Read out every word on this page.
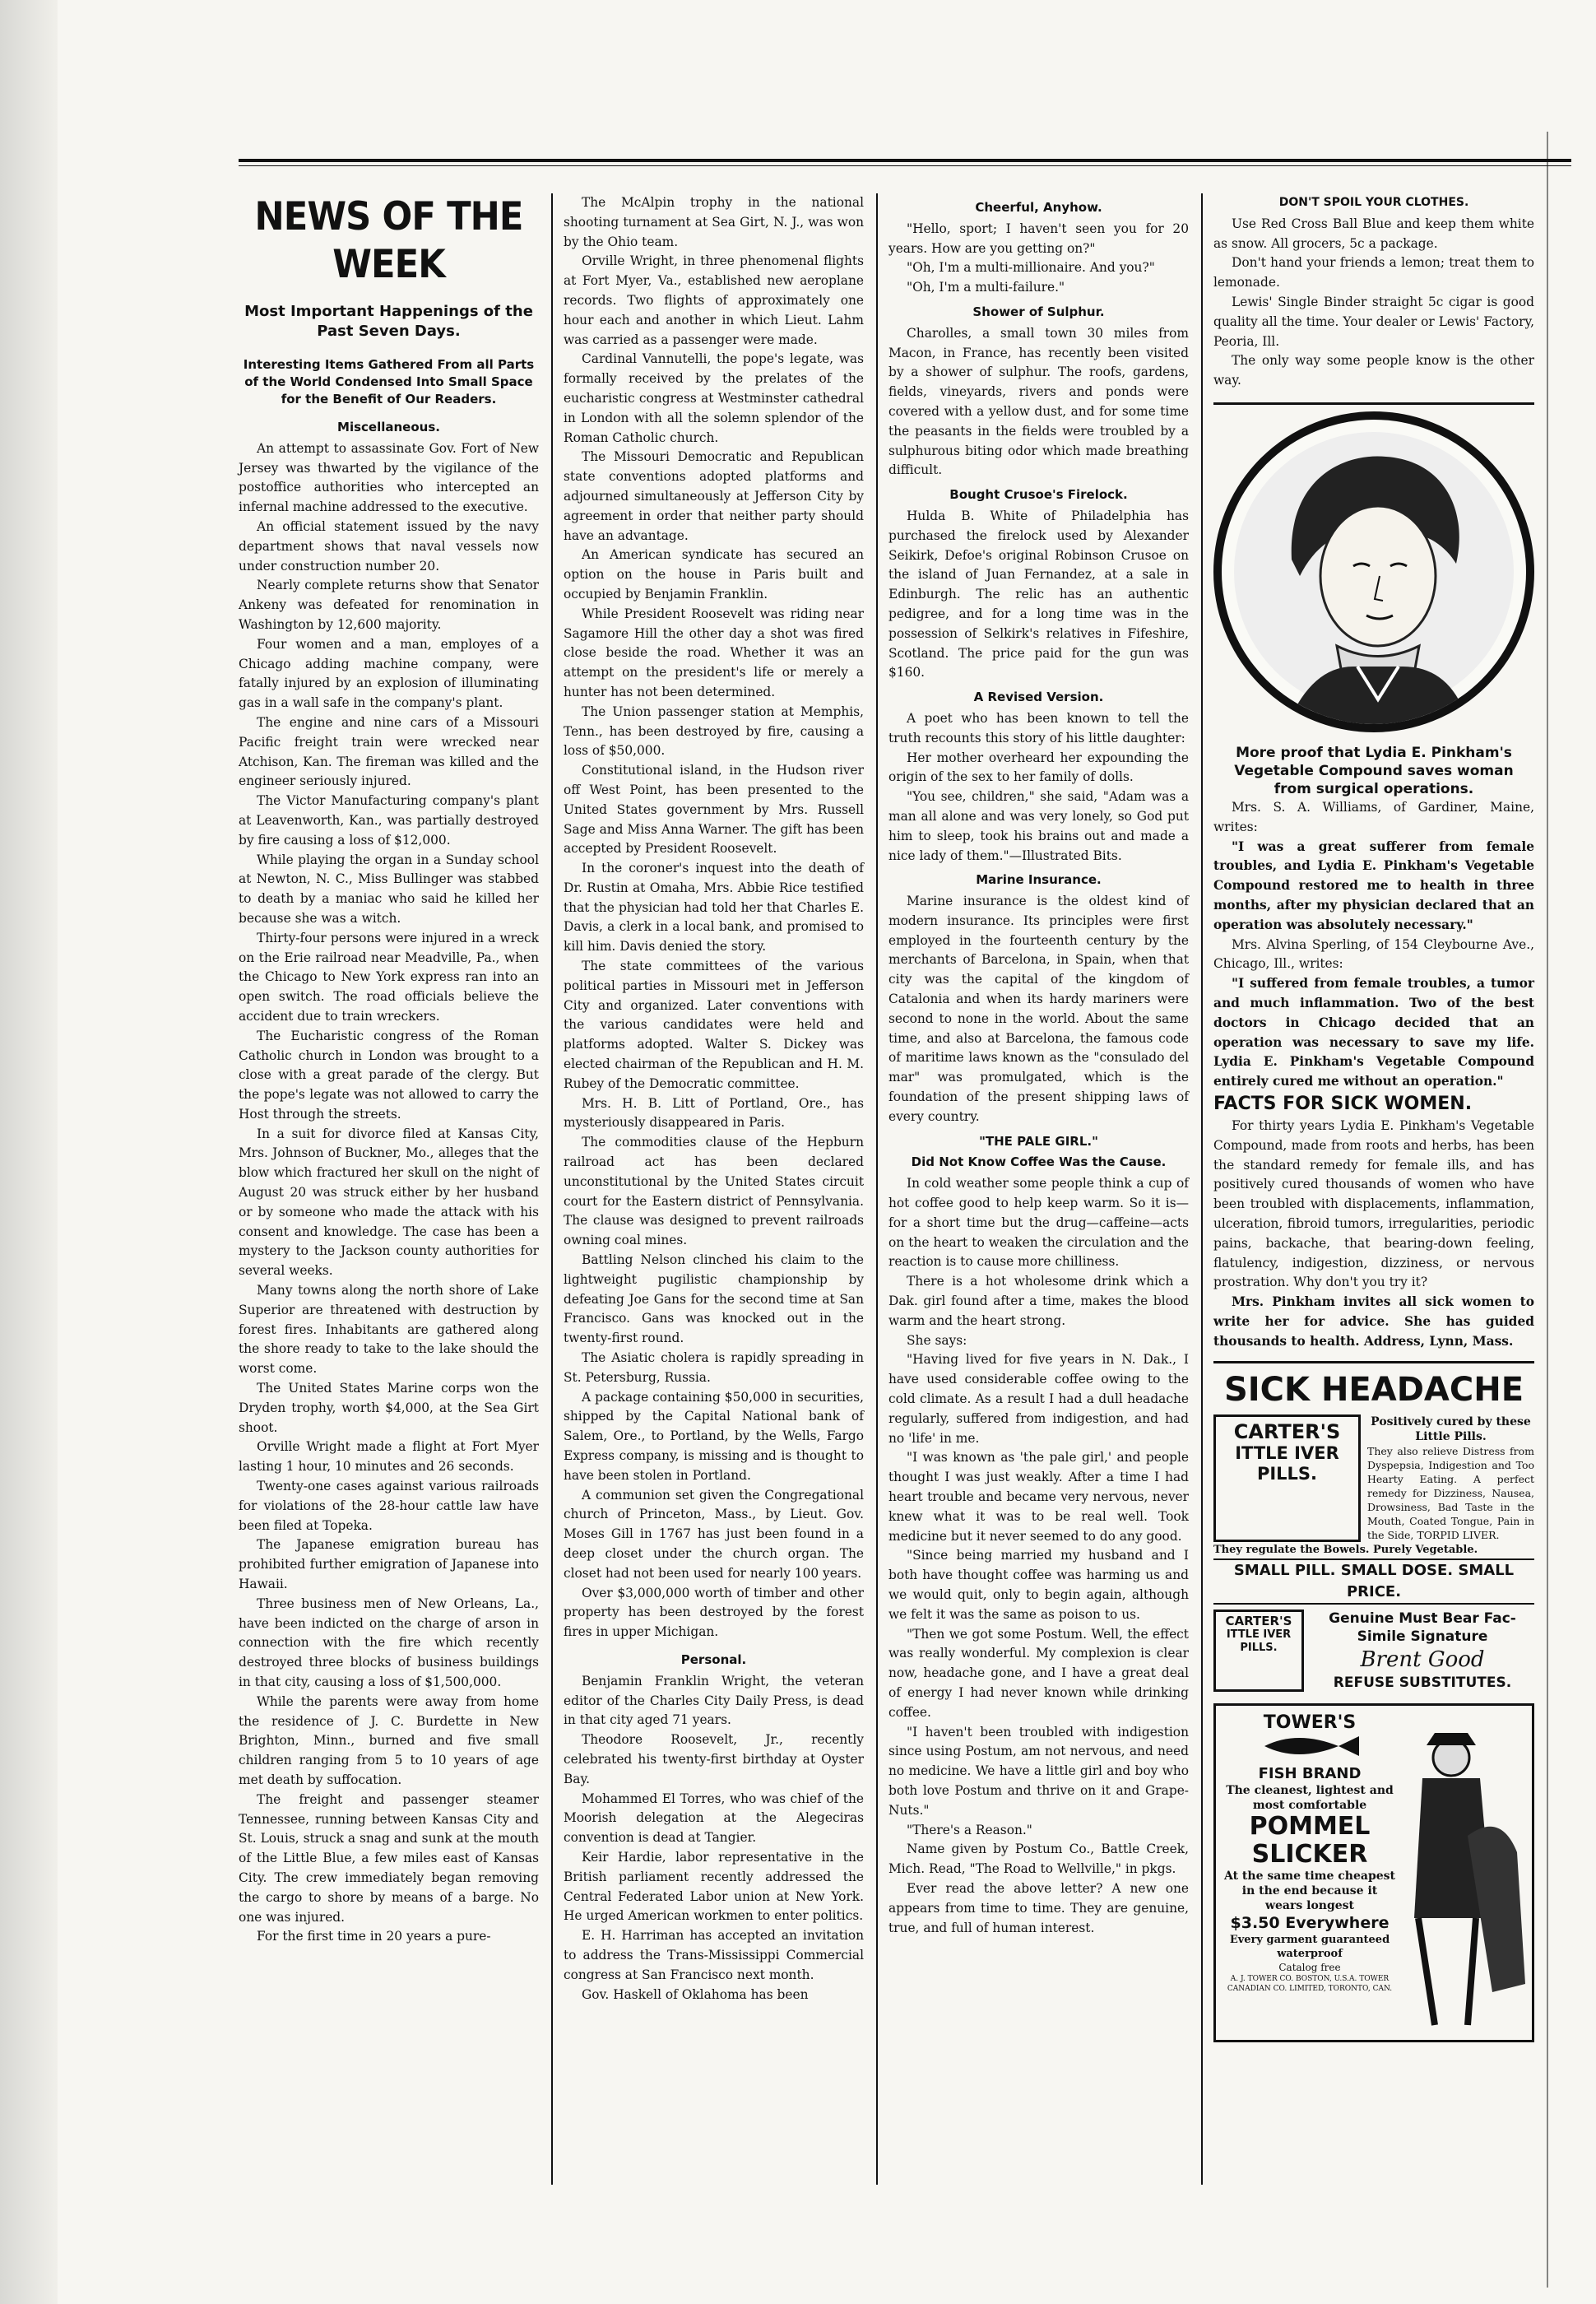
NEWS OF THE WEEK
Most Important Happenings of the Past Seven Days.
Interesting Items Gathered From all Parts of the World Condensed Into Small Space for the Benefit of Our Readers.

Miscellaneous.

An attempt to assassinate Gov. Fort of New Jersey was thwarted by the vigilance of the postoffice authorities who intercepted an infernal machine addressed to the executive.

An official statement issued by the navy department shows that naval vessels now under construction number 20.

Nearly complete returns show that Senator Ankeny was defeated for renomination in Washington by 12,600 majority.

Four women and a man, employes of a Chicago adding machine company, were fatally injured by an explosion of illuminating gas in a wall safe in the company's plant.

The engine and nine cars of a Missouri Pacific freight train were wrecked near Atchison, Kan. The fireman was killed and the engineer seriously injured.

The Victor Manufacturing company's plant at Leavenworth, Kan., was partially destroyed by fire causing a loss of $12,000.

While playing the organ in a Sunday school at Newton, N. C., Miss Bullinger was stabbed to death by a maniac who said he killed her because she was a witch.

Thirty-four persons were injured in a wreck on the Erie railroad near Meadville, Pa., when the Chicago to New York express ran into an open switch. The road officials believe the accident due to train wreckers.

The Eucharistic congress of the Roman Catholic church in London was brought to a close with a great parade of the clergy. But the pope's legate was not allowed to carry the Host through the streets.

In a suit for divorce filed at Kansas City, Mrs. Johnson of Buckner, Mo., alleges that the blow which fractured her skull on the night of August 20 was struck either by her husband or by someone who made the attack with his consent and knowledge. The case has been a mystery to the Jackson county authorities for several weeks.

Many towns along the north shore of Lake Superior are threatened with destruction by forest fires. Inhabitants are gathered along the shore ready to take to the lake should the worst come.

The United States Marine corps won the Dryden trophy, worth $4,000, at the Sea Girt shoot.

Orville Wright made a flight at Fort Myer lasting 1 hour, 10 minutes and 26 seconds.

Twenty-one cases against various railroads for violations of the 28-hour cattle law have been filed at Topeka.

The Japanese emigration bureau has prohibited further emigration of Japanese into Hawaii.

Three business men of New Orleans, La., have been indicted on the charge of arson in connection with the fire which recently destroyed three blocks of business buildings in that city, causing a loss of $1,500,000.

While the parents were away from home the residence of J. C. Burdette in New Brighton, Minn., burned and five small children ranging from 5 to 10 years of age met death by suffocation.

The freight and passenger steamer Tennessee, running between Kansas City and St. Louis, struck a snag and sunk at the mouth of the Little Blue, a few miles east of Kansas City. The crew immediately began removing the cargo to shore by means of a barge. No one was injured.

For the first time in 20 years a pure-

The McAlpin trophy in the national shooting turnament at Sea Girt, N. J., was won by the Ohio team.

Orville Wright, in three phenomenal flights at Fort Myer, Va., established new aeroplane records. Two flights of approximately one hour each and another in which Lieut. Lahm was carried as a passenger were made.

Cardinal Vannutelli, the pope's legate, was formally received by the prelates of the eucharistic congress at Westminster cathedral in London with all the solemn splendor of the Roman Catholic church.

The Missouri Democratic and Republican state conventions adopted platforms and adjourned simultaneously at Jefferson City by agreement in order that neither party should have an advantage.

An American syndicate has secured an option on the house in Paris built and occupied by Benjamin Franklin.

While President Roosevelt was riding near Sagamore Hill the other day a shot was fired close beside the road. Whether it was an attempt on the president's life or merely a hunter has not been determined.

The Union passenger station at Memphis, Tenn., has been destroyed by fire, causing a loss of $50,000.

Constitutional island, in the Hudson river off West Point, has been presented to the United States government by Mrs. Russell Sage and Miss Anna Warner. The gift has been accepted by President Roosevelt.

In the coroner's inquest into the death of Dr. Rustin at Omaha, Mrs. Abbie Rice testified that the physician had told her that Charles E. Davis, a clerk in a local bank, and promised to kill him. Davis denied the story.

The state committees of the various political parties in Missouri met in Jefferson City and organized. Later conventions with the various candidates were held and platforms adopted. Walter S. Dickey was elected chairman of the Republican and H. M. Rubey of the Democratic committee.

Mrs. H. B. Litt of Portland, Ore., has mysteriously disappeared in Paris.

The commodities clause of the Hepburn railroad act has been declared unconstitutional by the United States circuit court for the Eastern district of Pennsylvania. The clause was designed to prevent railroads owning coal mines.

Battling Nelson clinched his claim to the lightweight pugilistic championship by defeating Joe Gans for the second time at San Francisco. Gans was knocked out in the twenty-first round.

The Asiatic cholera is rapidly spreading in St. Petersburg, Russia.

A package containing $50,000 in securities, shipped by the Capital National bank of Salem, Ore., to Portland, by the Wells, Fargo Express company, is missing and is thought to have been stolen in Portland.

A communion set given the Congregational church of Princeton, Mass., by Lieut. Gov. Moses Gill in 1767 has just been found in a deep closet under the church organ. The closet had not been used for nearly 100 years.

Over $3,000,000 worth of timber and other property has been destroyed by the forest fires in upper Michigan.

Personal.

Benjamin Franklin Wright, the veteran editor of the Charles City Daily Press, is dead in that city aged 71 years.

Theodore Roosevelt, Jr., recently celebrated his twenty-first birthday at Oyster Bay.

Mohammed El Torres, who was chief of the Moorish delegation at the Alegeciras convention is dead at Tangier.

Keir Hardie, labor representative in the British parliament recently addressed the Central Federated Labor union at New York. He urged American workmen to enter politics.

E. H. Harriman has accepted an invitation to address the Trans-Mississippi Commercial congress at San Francisco next month.

Gov. Haskell of Oklahoma has been

Cheerful, Anyhow.

"Hello, sport; I haven't seen you for 20 years. How are you getting on?"

"Oh, I'm a multi-millionaire. And you?"

"Oh, I'm a multi-failure."

Shower of Sulphur.

Charolles, a small town 30 miles from Macon, in France, has recently been visited by a shower of sulphur. The roofs, gardens, fields, vineyards, rivers and ponds were covered with a yellow dust, and for some time the peasants in the fields were troubled by a sulphurous biting odor which made breathing difficult.

Bought Crusoe's Firelock.

Hulda B. White of Philadelphia has purchased the firelock used by Alexander Seikirk, Defoe's original Robinson Crusoe on the island of Juan Fernandez, at a sale in Edinburgh. The relic has an authentic pedigree, and for a long time was in the possession of Selkirk's relatives in Fifeshire, Scotland. The price paid for the gun was $160.

A Revised Version.

A poet who has been known to tell the truth recounts this story of his little daughter:

Her mother overheard her expounding the origin of the sex to her family of dolls.

"You see, children," she said, "Adam was a man all alone and was very lonely, so God put him to sleep, took his brains out and made a nice lady of them."—Illustrated Bits.

Marine Insurance.

Marine insurance is the oldest kind of modern insurance. Its principles were first employed in the fourteenth century by the merchants of Barcelona, in Spain, when that city was the capital of the kingdom of Catalonia and when its hardy mariners were second to none in the world. About the same time, and also at Barcelona, the famous code of maritime laws known as the "consulado del mar" was promulgated, which is the foundation of the present shipping laws of every country.

"THE PALE GIRL."

Did Not Know Coffee Was the Cause.

In cold weather some people think a cup of hot coffee good to help keep warm. So it is—for a short time but the drug—caffeine—acts on the heart to weaken the circulation and the reaction is to cause more chilliness.

There is a hot wholesome drink which a Dak. girl found after a time, makes the blood warm and the heart strong.

She says:

"Having lived for five years in N. Dak., I have used considerable coffee owing to the cold climate. As a result I had a dull headache regularly, suffered from indigestion, and had no 'life' in me.

"I was known as 'the pale girl,' and people thought I was just weakly. After a time I had heart trouble and became very nervous, never knew what it was to be real well. Took medicine but it never seemed to do any good.

"Since being married my husband and I both have thought coffee was harming us and we would quit, only to begin again, although we felt it was the same as poison to us.

"Then we got some Postum. Well, the effect was really wonderful. My complexion is clear now, headache gone, and I have a great deal of energy I had never known while drinking coffee.

"I haven't been troubled with indigestion since using Postum, am not nervous, and need no medicine. We have a little girl and boy who both love Postum and thrive on it and Grape-Nuts."

"There's a Reason."

Name given by Postum Co., Battle Creek, Mich. Read, "The Road to Wellville," in pkgs.

Ever read the above letter? A new one appears from time to time. They are genuine, true, and full of human interest.

DON'T SPOIL YOUR CLOTHES.

Use Red Cross Ball Blue and keep them white as snow. All grocers, 5c a package.

Don't hand your friends a lemon; treat them to lemonade.

Lewis' Single Binder straight 5c cigar is good quality all the time. Your dealer or Lewis' Factory, Peoria, Ill.

The only way some people know is the other way.

More proof that Lydia E. Pinkham's Vegetable Compound saves woman from surgical operations.

Mrs. S. A. Williams, of Gardiner, Maine, writes:

"I was a great sufferer from female troubles, and Lydia E. Pinkham's Vegetable Compound restored me to health in three months, after my physician declared that an operation was absolutely necessary."

Mrs. Alvina Sperling, of 154 Cleybourne Ave., Chicago, Ill., writes:

"I suffered from female troubles, a tumor and much inflammation. Two of the best doctors in Chicago decided that an operation was necessary to save my life. Lydia E. Pinkham's Vegetable Compound entirely cured me without an operation."

FACTS FOR SICK WOMEN.

For thirty years Lydia E. Pinkham's Vegetable Compound, made from roots and herbs, has been the standard remedy for female ills, and has positively cured thousands of women who have been troubled with displacements, inflammation, ulceration, fibroid tumors, irregularities, periodic pains, backache, that bearing-down feeling, flatulency, indigestion, dizziness, or nervous prostration. Why don't you try it?

Mrs. Pinkham invites all sick women to write her for advice. She has guided thousands to health. Address, Lynn, Mass.

SICK HEADACHE
CARTER'S
ITTLE IVER PILLS.
Positively cured by these Little Pills.
They also relieve Distress from Dyspepsia, Indigestion and Too Hearty Eating. A perfect remedy for Dizziness, Nausea, Drowsiness, Bad Taste in the Mouth, Coated Tongue, Pain in the Side, TORPID LIVER.
They regulate the Bowels. Purely Vegetable.
SMALL PILL. SMALL DOSE. SMALL PRICE.
CARTER'S
ITTLE IVER PILLS.
Genuine Must Bear Fac-Simile Signature
Brent Good
REFUSE SUBSTITUTES.
TOWER'S
FISH BRAND
The cleanest, lightest and most comfortable
POMMEL SLICKER
At the same time cheapest in the end because it wears longest
$3.50 Everywhere
Every garment guaranteed waterproof
Catalog free
A. J. TOWER CO. BOSTON, U.S.A. TOWER CANADIAN CO. LIMITED, TORONTO, CAN.
